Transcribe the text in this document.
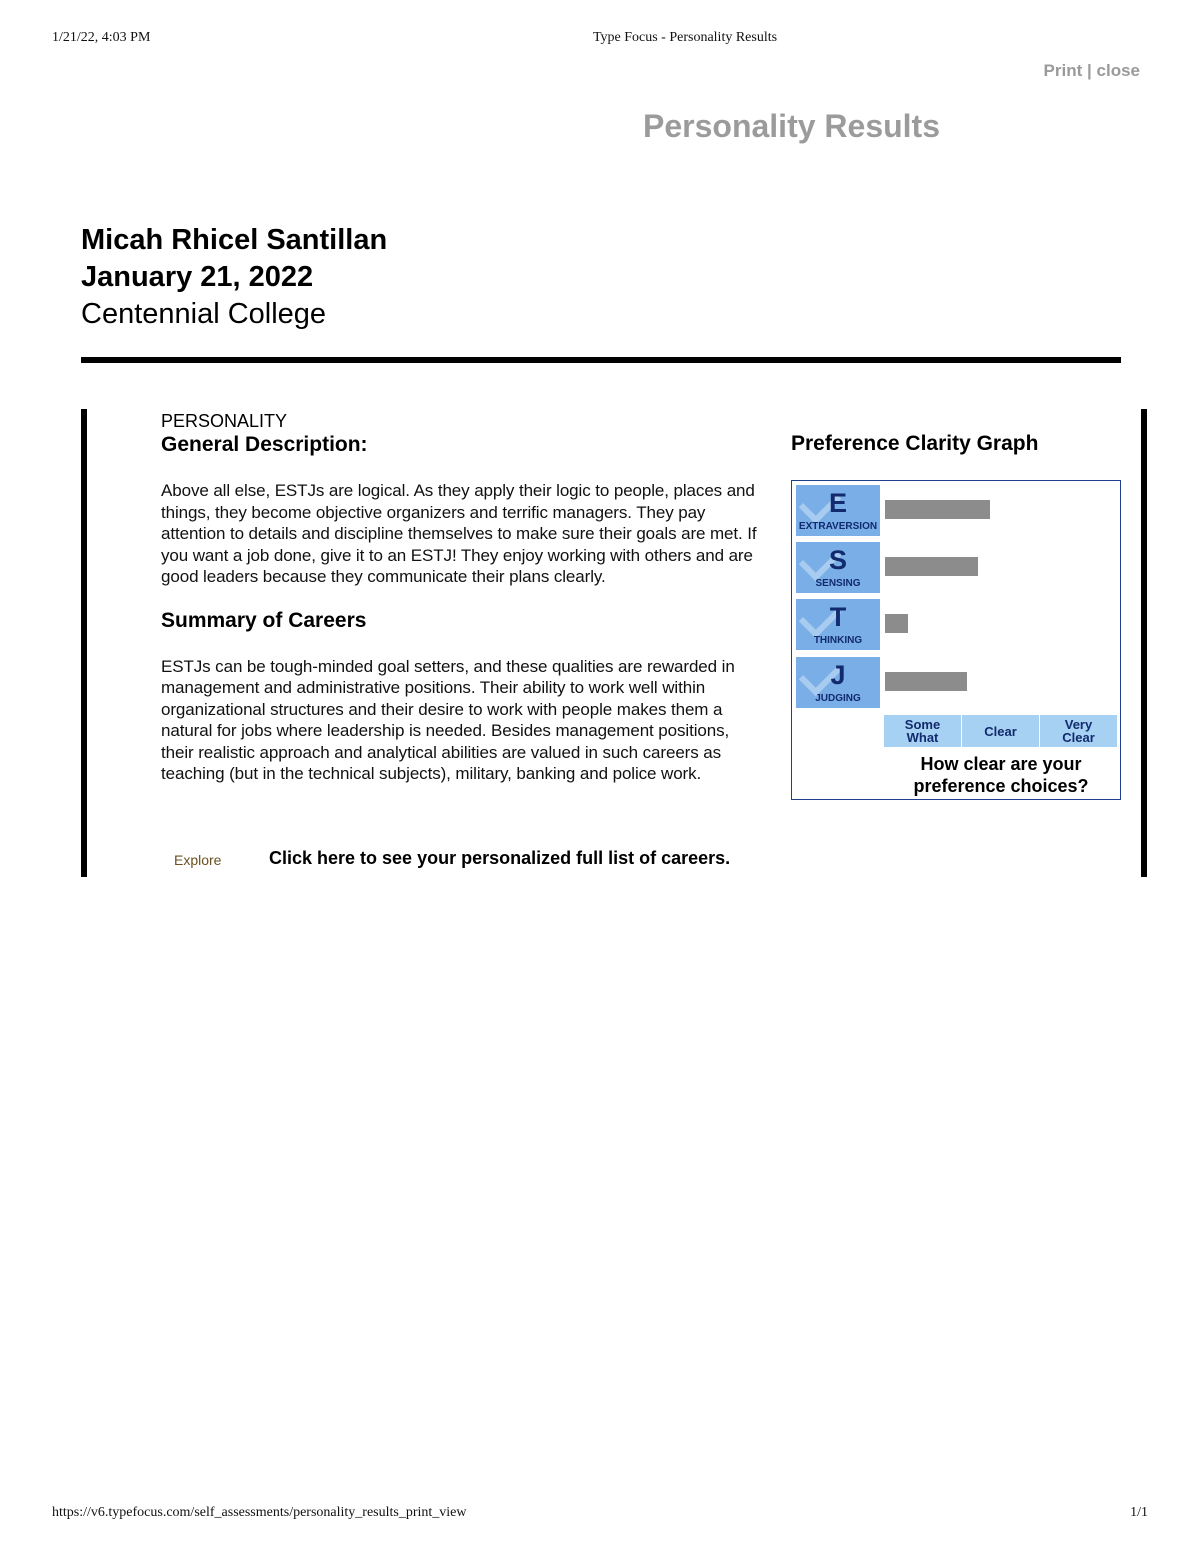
1/21/22, 4:03 PM	Type Focus - Personality Results
Print | close
Personality Results
Micah Rhicel Santillan
January 21, 2022
Centennial College
PERSONALITY
General Description:

Above all else, ESTJs are logical. As they apply their logic to people, places and things, they become objective organizers and terrific managers. They pay attention to details and discipline themselves to make sure their goals are met. If you want a job done, give it to an ESTJ! They enjoy working with others and are good leaders because they communicate their plans clearly.

Summary of Careers

ESTJs can be tough-minded goal setters, and these qualities are rewarded in management and administrative positions. Their ability to work well within organizational structures and their desire to work with people makes them a natural for jobs where leadership is needed. Besides management positions, their realistic approach and analytical abilities are valued in such careers as teaching (but in the technical subjects), military, banking and police work.

Explore	Click here to see your personalized full list of careers.
Preference Clarity Graph
E
EXTRAVERSION
S
SENSING
T
THINKING
J
JUDGING
Some
What	Clear	Very
Clear
How clear are your
preference choices?
https://v6.typefocus.com/self_assessments/personality_results_print_view	1/1
